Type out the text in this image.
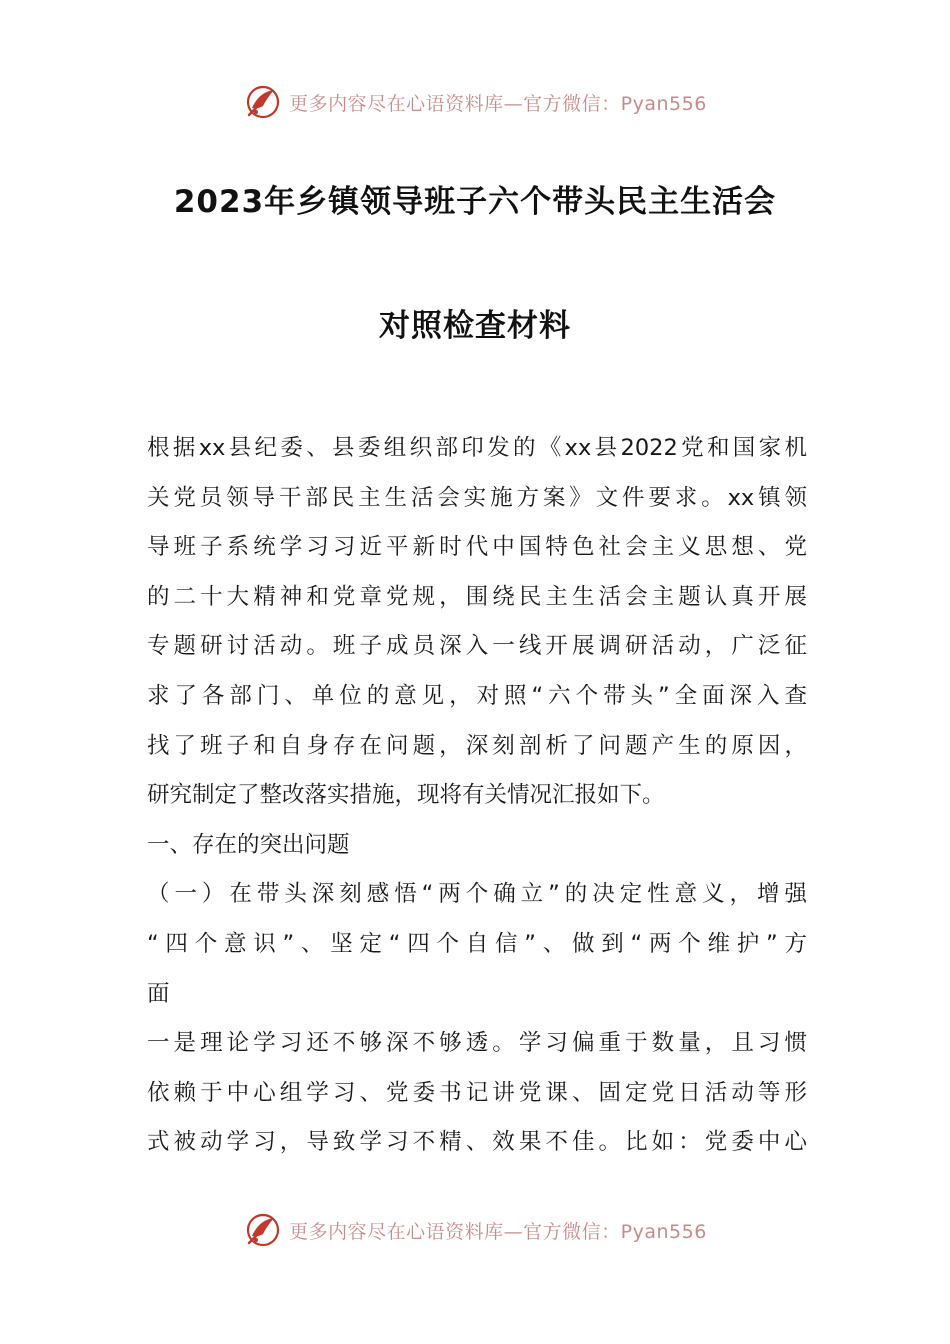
更多内容尽在心语资料库—官方微信：Pyan556
2023年乡镇领导班子六个带头民主生活会
对照检查材料
根据xx县纪委、县委组织部印发的《xx县2022党和国家机
关党员领导干部民主生活会实施方案》文件要求。xx镇领
导班子系统学习习近平新时代中国特色社会主义思想、党
的二十大精神和党章党规，围绕民主生活会主题认真开展
专题研讨活动。班子成员深入一线开展调研活动，广泛征
求了各部门、单位的意见，对照“六个带头”全面深入查
找了班子和自身存在问题，深刻剖析了问题产生的原因，
研究制定了整改落实措施，现将有关情况汇报如下。
一、存在的突出问题
（一）在带头深刻感悟“两个确立”的决定性意义，增强
“四个意识”、坚定“四个自信”、做到“两个维护”方
面
一是理论学习还不够深不够透。学习偏重于数量，且习惯
依赖于中心组学习、党委书记讲党课、固定党日活动等形
式被动学习，导致学习不精、效果不佳。比如：党委中心
更多内容尽在心语资料库—官方微信：Pyan556
